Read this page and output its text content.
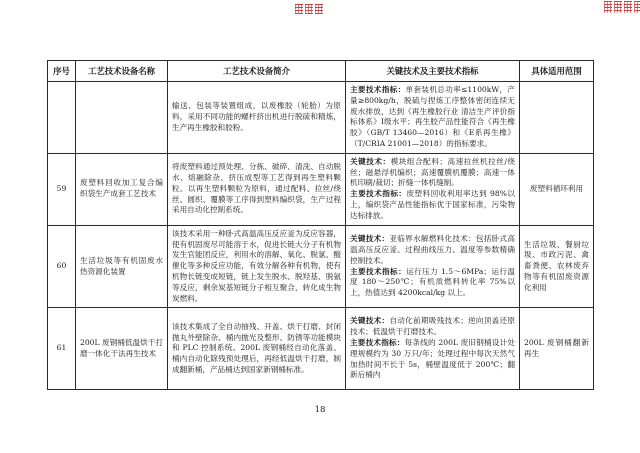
序号	工艺技术设备名称	工艺技术设备简介	关键技术及主要技术指标	具体适用范围
		输送、包装等装置组成，以废橡胶（轮胎）为原料，采用不同功能的螺杆挤出机进行脱硫和精炼，生产再生橡胶和胶粉。	主要技术指标：单套装机总功率≤1100kW，产量≥800kg/h，脱硫与捏炼工序整体密闭连续无废水排放，达到《再生橡胶行业 清洁生产评价指标体系》I级水平；再生胶产品性能符合《再生橡胶》（GB/T 13460—2016）和《E系再生橡》（T/CRIA 21001—2018）的指标要求。	

59	废塑料回收加工复合编织袋生产成套工艺技术	将废塑料通过预处理、分拣、破碎、清洗、自动脱水、熔融除杂、挤压成型等工艺得到再生塑料颗粒。以再生塑料颗粒为原料，通过配料、拉丝/绕丝、圆织、覆膜等工序得到塑料编织袋，生产过程采用自动化控制系统。	关键技术：模块组合配料；高速拉丝机拉丝/绕丝；磁悬浮机编织；高速覆膜机覆膜；高速一体机印刷/裁切；折缝一体机缝制。
主要技术指标：废塑料回收利用率达到 98%以上，编织袋产品性能指标优于国家标准，污染物达标排放。	废塑料循环利用
60	生活垃圾等有机固废水热资源化装置	该技术采用一种卧式高温高压反应釜为反应容器，使有机固废尽可能溶于水，促进长链大分子有机物发生官能团反应，利用水的溶解、氧化、脱氯、酸催化等多种反应功能，有效分解各种有机物，使有机物长链变成短链，链上发生脱水、脱羟基、脱氨等反应，剩余炭基短链分子相互聚合，转化成生物炭燃料。	关键技术：亚临界水解燃料化技术：包括卧式高温高压反应釜、过程曲线压力、温度等参数精确控制技术。
主要技术指标：运行压力 1.5～6MPa；运行温度 180～250℃；有机质燃料转化率 75%以上，热值达到 4200kcal/kg 以上。	生活垃圾、餐厨垃圾、市政污泥、禽畜粪便、农林废弃物等有机固废资源化利用
61	200L 废钢桶低温烘干打磨一体化干法再生技术	该技术集成了全自动抽残、开盖、烘干打磨、封闭抛丸外壁除杂、桶内抛光及整形、防锈等功能模块和 PLC 控制系统。200L 废钢桶经自动化落盖、桶内自动化除残预处理后，再经低温烘干打磨，制成翻新桶，产品桶达到国家新钢桶标准。	关键技术：自动化前期吸残技术；逆向顶盖还原技术；低温烘干打磨技术。
主要技术指标：每条线的 200L 废旧钢桶设计处理规模约为 30 万只/年；处理过程中每次天然气加热时间不长于 5s，桶壁温度低于 200℃；翻新后桶内	200L 废钢桶翻新再生
18
